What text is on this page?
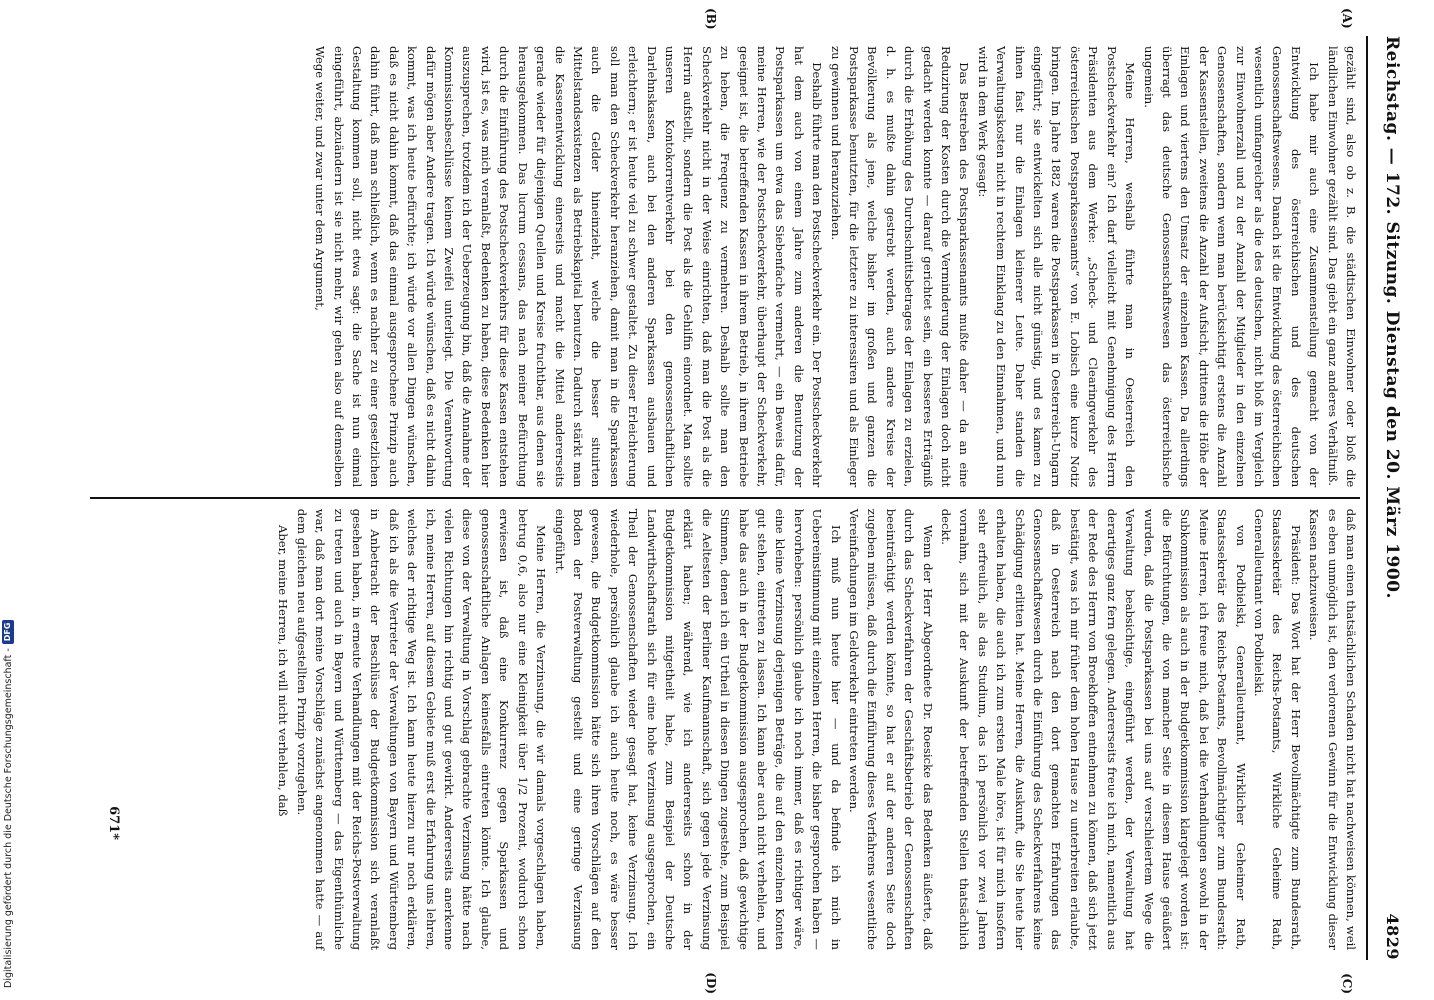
Reichstag. — 172. Sitzung. Dienstag den 20. März 1900.
4829
(A)
(B)

gezählt sind, also ob z. B. die städtischen Einwohner oder bloß die ländlichen Einwohner gezählt sind. Das giebt ein ganz anderes Verhältniß.

Ich habe mir auch eine Zusammenstellung gemacht von der Entwicklung des österreichischen und des deutschen Genossenschaftswesens. Danach ist die Entwicklung des österreichischen wesentlich umfangreicher als die des deutschen, nicht bloß im Vergleich zur Einwohnerzahl und zu der Anzahl der Mitglieder in den einzelnen Genossenschaften, sondern wenn man berücksichtigt erstens die Anzahl der Kassenstellen, zweitens die Anzahl der Aufsicht, drittens die Höhe der Einlagen und viertens den Umsatz der einzelnen Kassen. Da allerdings überragt das deutsche Genossenschaftswesen das österreichische ungemein.

Meine Herren, weshalb führte man in Oesterreich den Postscheckverkehr ein? Ich darf vielleicht mit Genehmigung des Herrn Präsidenten aus dem Werke: „Scheck- und Clearingverkehr des österreichischen Postsparkassenamts“ von E. Lobisch eine kurze Notiz bringen. Im Jahre 1882 waren die Postsparkassen in Oesterreich-Ungarn eingeführt; sie entwickelten sich alle nicht günstig, und es kamen zu ihnen fast nur die Einlagen kleinerer Leute. Daher standen die Verwaltungskosten nicht in rechtem Einklang zu den Einnahmen, und nun wird in dem Werk gesagt:

Das Bestreben des Postsparkassenamts mußte daher — da an eine Reduzirung der Kosten durch die Verminderung der Einlagen doch nicht gedacht werden konnte — darauf gerichtet sein, ein besseres Erträgniß durch die Erhöhung des Durchschnittsbetrages der Einlagen zu erzielen, d. h. es mußte dahin gestrebt werden, auch andere Kreise der Bevölkerung als jene, welche bisher im großen und ganzen die Postsparkasse benutzten, für die letztere zu interessiren und als Einleger zu gewinnen und heranzuziehen.

Deshalb führte man den Postscheckverkehr ein. Der Postscheckverkehr hat dem auch von einem Jahre zum anderen die Benutzung der Postsparkassen um etwa das Siebenfache vermehrt, — ein Beweis dafür, meine Herren, wie der Postscheckverkehr, überhaupt der Scheckverkehr, geeignet ist, die betreffenden Kassen in ihrem Betrieb, in ihrem Betriebe zu heben, die Frequenz zu vermehren. Deshalb sollte man den Scheckverkehr nicht in der Weise einrichten, daß man die Post als die Herrin aufstellt, sondern die Post als die Gehilfin einordnet. Man sollte unseren Kontokorrentverkehr bei den genossenschaftlichen Darlehnskassen, auch bei den anderen Sparkassen ausbauen und erleichtern; er ist heute viel zu schwer gestaltet. Zu dieser Erleichterung soll man den Scheckverkehr heranziehen, damit man in die Sparkassen auch die Gelder hineinzieht, welche die besser situirten Mittelstandsexistenzen als Betriebskapital benutzen. Dadurch stärkt man die Kassenentwicklung einerseits und macht die Mittel andererseits gerade wieder für diejenigen Quellen und Kreise fruchtbar, aus denen sie herausgekommen. Das lucrum cessans, das nach meiner Befürchtung durch die Einführung des Postscheckverkehrs für diese Kassen entstehen wird, ist es, was mich veranlaßt, Bedenken zu haben, diese Bedenken hier auszusprechen, trotzdem ich der Ueberzeugung bin, daß die Annahme der Kommissionsbeschlüsse keinem Zweifel unterliegt. Die Verantwortung dafür mögen aber Andere tragen. Ich würde wünschen, daß es nicht dahin kommt, was ich heute befürchte; ich würde vor allen Dingen wünschen, daß es nicht dahin kommt, daß das einmal ausgesprochene Prinzip auch dahin führt, daß man schließlich, wenn es nachher zu einer gesetzlichen Gestaltung kommen soll, nicht etwa sagt: die Sache ist nun einmal eingeführt, abzuändern ist sie nicht mehr, wir gehen also auf demselben Wege weiter, und zwar unter dem Argument,

(C)
(D)

daß man einen thatsächlichen Schaden nicht hat nachweisen können, weil es eben unmöglich ist, den verlorenen Gewinn für die Entwicklung dieser Kassen nachzuweisen.

Präsident: Das Wort hat der Herr Bevollmächtigte zum Bundesrath, Staatssekretär des Reichs-Postamts, Wirkliche Geheime Rath, Generalleutnant von Podbielski.

von Podbielski, Generalleutnant, Wirklicher Geheimer Rath, Staatssekretär des Reichs-Postamts, Bevollmächtigter zum Bundesrath: Meine Herren, ich freue mich, daß bei die Verhandlungen sowohl in der Subkommission als auch in der Budgetkommission klargelegt worden ist: die Befürchtungen, die von mancher Seite in diesem Hause geäußert wurden, daß die Postsparkassen bei uns auf verschleiertem Wege die Verwaltung beabsichtige, eingeführt werden, der Verwaltung hat derartiges ganz fern gelegen. Andererseits freue ich mich, namentlich aus der Rede des Herrn von Broekhoffen entnehmen zu können, daß sich jetzt bestätigt, was ich mir früher dem hohen Hause zu unterbreiten erlaubte, daß in Oesterreich nach den dort gemachten Erfahrungen das Genossenschaftswesen durch die Einführung des Scheckverfahrens keine Schädigung erlitten hat. Meine Herren, die Auskunft, die Sie heute hier erhalten haben, die auch ich zum ersten Male höre, ist für mich insofern sehr erfreulich, als das Studium, das ich persönlich vor zwei Jahren vornahm, sich mit der Auskunft der betreffenden Stellen thatsächlich deckt.

Wenn der Herr Abgeordnete Dr. Roesicke das Bedenken äußerte, daß durch das Scheckverfahren der Geschäftsbetrieb der Genossenschaften beeinträchtigt werden könnte, so hat er auf der anderen Seite doch zugeben müssen, daß durch die Einführung dieses Verfahrens wesentliche Vereinfachungen im Geldverkehr eintreten werden.

Ich muß nun heute hier — und da befinde ich mich in Uebereinstimmung mit einzelnen Herren, die bisher gesprochen haben — hervorheben: persönlich glaube ich noch immer, daß es richtiger wäre, eine kleine Verzinsung derjenigen Beträge, die auf den einzelnen Konten gut stehen, eintreten zu lassen. Ich kann aber auch nicht verhehlen, und habe das auch in der Budgetkommission ausgesprochen, daß gewichtige Stimmen, denen ich ein Urtheil in diesen Dingen zugestehe, zum Beispiel die Aeltesten der Berliner Kaufmannschaft, sich gegen jede Verzinsung erklärt haben; während, wie ich andererseits schon in der Budgetkommission mitgetheilt habe, zum Beispiel der Deutsche Landwirthschaftsrath sich für eine hohe Verzinsung ausgesprochen, ein Theil der Genossenschaften wieder gesagt hat, keine Verzinsung. Ich wiederhole, persönlich glaube ich auch heute noch, es wäre besser gewesen, die Budgetkommission hätte sich ihren Vorschlägen auf den Boden der Postverwaltung gestellt und eine geringe Verzinsung eingeführt.

Meine Herren, die Verzinsung, die wir damals vorgeschlagen haben, betrug 0,6, also nur eine Kleinigkeit über 1/2 Prozent, wodurch schon erwiesen ist, daß eine Konkurrenz gegen Sparkassen und genossenschaftliche Anlagen keinesfalls eintreten könnte. Ich glaube, diese von der Verwaltung in Vorschlag gebrachte Verzinsung hätte nach vielen Richtungen hin richtig und gut gewirkt. Andererseits anerkenne ich, meine Herren, auf diesem Gebiete muß erst die Erfahrung uns lehren, welches der richtige Weg ist. Ich kann heute hierzu nur noch erklären, daß ich als die Vertreter der Verwaltungen von Bayern und Württemberg in Anbetracht der Beschlüsse der Budgetkommission sich veranlaßt gesehen haben, in erneute Verhandlungen mit der Reichs-Postverwaltung zu treten und auch in Bayern und Württemberg — das Eigenthümliche war, daß man dort meine Vorschläge zunächst angenommen hatte — auf dem gleichen neu aufgestellten Prinzip vorzugehen.

Aber, meine Herren, ich will nicht verhehlen, daß

671*
Digitalisierung gefördert durch die Deutsche Forschungsgemeinschaft -
DFG
